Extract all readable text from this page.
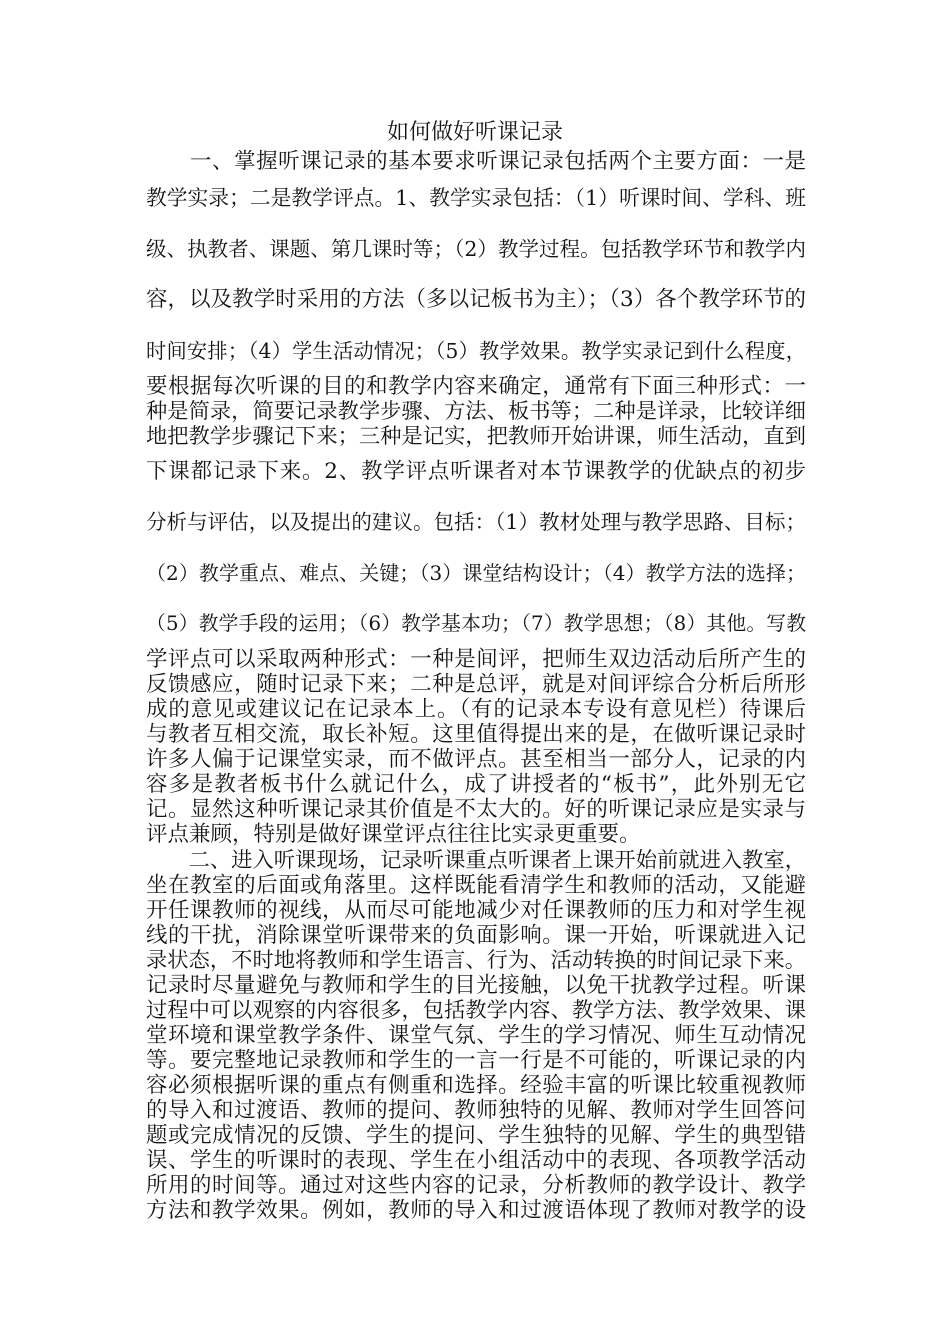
如何做好听课记录
　　一、掌握听课记录的基本要求听课记录包括两个主要方面：一是
教学实录；二是教学评点。1、教学实录包括：（1）听课时间、学科、班
级、执教者、课题、第几课时等；（2）教学过程。包括教学环节和教学内
容，以及教学时采用的方法（多以记板书为主）；（3）各个教学环节的
时间安排；（4）学生活动情况；（5）教学效果。教学实录记到什么程度，
要根据每次听课的目的和教学内容来确定，通常有下面三种形式：一
种是简录，简要记录教学步骤、方法、板书等；二种是详录，比较详细
地把教学步骤记下来；三种是记实，把教师开始讲课，师生活动，直到
下课都记录下来。2、教学评点听课者对本节课教学的优缺点的初步
分析与评估，以及提出的建议。包括：（1）教材处理与教学思路、目标；
（2）教学重点、难点、关键；（3）课堂结构设计；（4）教学方法的选择；
（5）教学手段的运用；（6）教学基本功；（7）教学思想；（8）其他。写教
学评点可以采取两种形式：一种是间评，把师生双边活动后所产生的
反馈感应，随时记录下来；二种是总评，就是对间评综合分析后所形
成的意见或建议记在记录本上。（有的记录本专设有意见栏）待课后
与教者互相交流，取长补短。这里值得提出来的是，在做听课记录时
许多人偏于记课堂实录，而不做评点。甚至相当一部分人，记录的内
容多是教者板书什么就记什么，成了讲授者的“板书”，此外别无它
记。显然这种听课记录其价值是不太大的。好的听课记录应是实录与
评点兼顾，特别是做好课堂评点往往比实录更重要。
　　二、进入听课现场，记录听课重点听课者上课开始前就进入教室，
坐在教室的后面或角落里。这样既能看清学生和教师的活动，又能避
开任课教师的视线，从而尽可能地减少对任课教师的压力和对学生视
线的干扰，消除课堂听课带来的负面影响。课一开始，听课就进入记
录状态，不时地将教师和学生语言、行为、活动转换的时间记录下来。
记录时尽量避免与教师和学生的目光接触，以免干扰教学过程。听课
过程中可以观察的内容很多，包括教学内容、教学方法、教学效果、课
堂环境和课堂教学条件、课堂气氛、学生的学习情况、师生互动情况
等。要完整地记录教师和学生的一言一行是不可能的，听课记录的内
容必须根据听课的重点有侧重和选择。经验丰富的听课比较重视教师
的导入和过渡语、教师的提问、教师独特的见解、教师对学生回答问
题或完成情况的反馈、学生的提问、学生独特的见解、学生的典型错
误、学生的听课时的表现、学生在小组活动中的表现、各项教学活动
所用的时间等。通过对这些内容的记录，分析教师的教学设计、教学
方法和教学效果。例如，教师的导入和过渡语体现了教师对教学的设
